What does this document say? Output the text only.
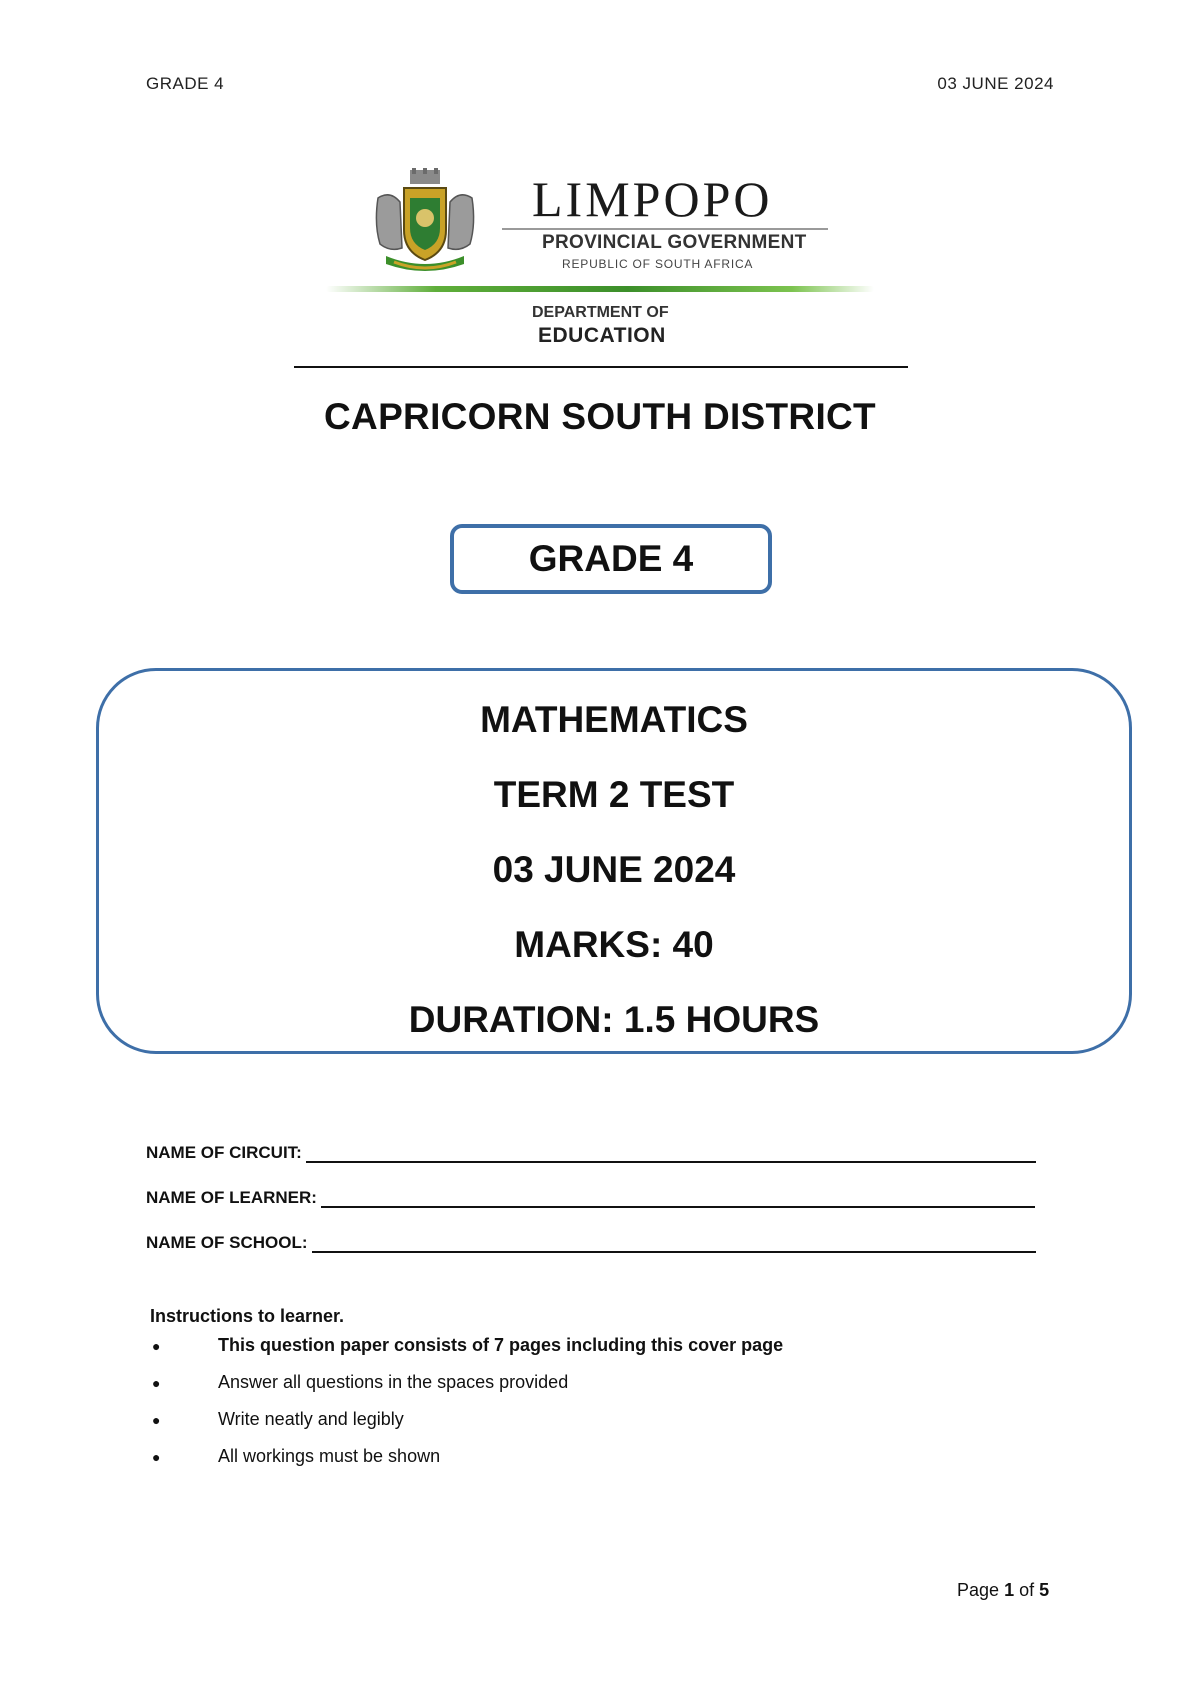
GRADE 4	03 JUNE 2024
LIMPOPO
PROVINCIAL GOVERNMENT
REPUBLIC OF SOUTH AFRICA
DEPARTMENT OF
EDUCATION
CAPRICORN SOUTH DISTRICT
GRADE 4
MATHEMATICS
TERM 2 TEST
03 JUNE 2024
MARKS: 40
DURATION: 1.5 HOURS
NAME OF CIRCUIT:
NAME OF LEARNER:
NAME OF SCHOOL:
Instructions to learner.
●	This question paper consists of 7 pages including this cover page
●	Answer all questions in the spaces provided
●	Write neatly and legibly
●	All workings must be shown
Page 1 of 5
